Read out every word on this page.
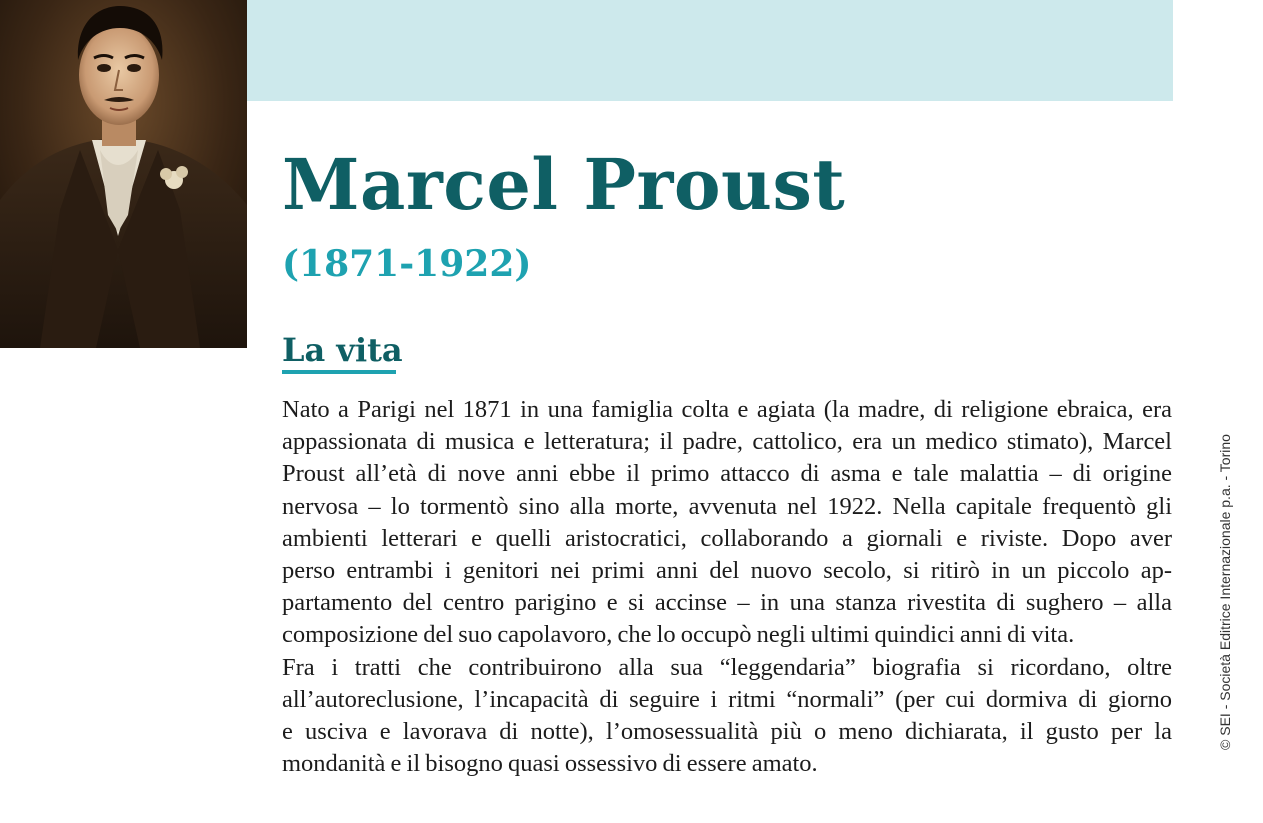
Marcel Proust
(1871-1922)
La vita
Nato a Parigi nel 1871 in una famiglia colta e agiata (la madre, di religione ebraica, era
appassionata di musica e letteratura; il padre, cattolico, era un medico stimato), Marcel
Proust all’età di nove anni ebbe il primo attacco di asma e tale malattia – di origine
nervosa – lo tormentò sino alla morte, avvenuta nel 1922. Nella capitale frequentò gli
ambienti letterari e quelli aristocratici, collaborando a giornali e riviste. Dopo aver
perso entrambi i genitori nei primi anni del nuovo secolo, si ritirò in un piccolo ap-
partamento del centro parigino e si accinse – in una stanza rivestita di sughero – alla
composizione del suo capolavoro, che lo occupò negli ultimi quindici anni di vita.
Fra i tratti che contribuirono alla sua “leggendaria” biografia si ricordano, oltre
all’autoreclusione, l’incapacità di seguire i ritmi “normali” (per cui dormiva di giorno
e usciva e lavorava di notte), l’omosessualità più o meno dichiarata, il gusto per la
mondanità e il bisogno quasi ossessivo di essere amato.
© SEI - Società Editrice Internazionale p.a. - Torino
